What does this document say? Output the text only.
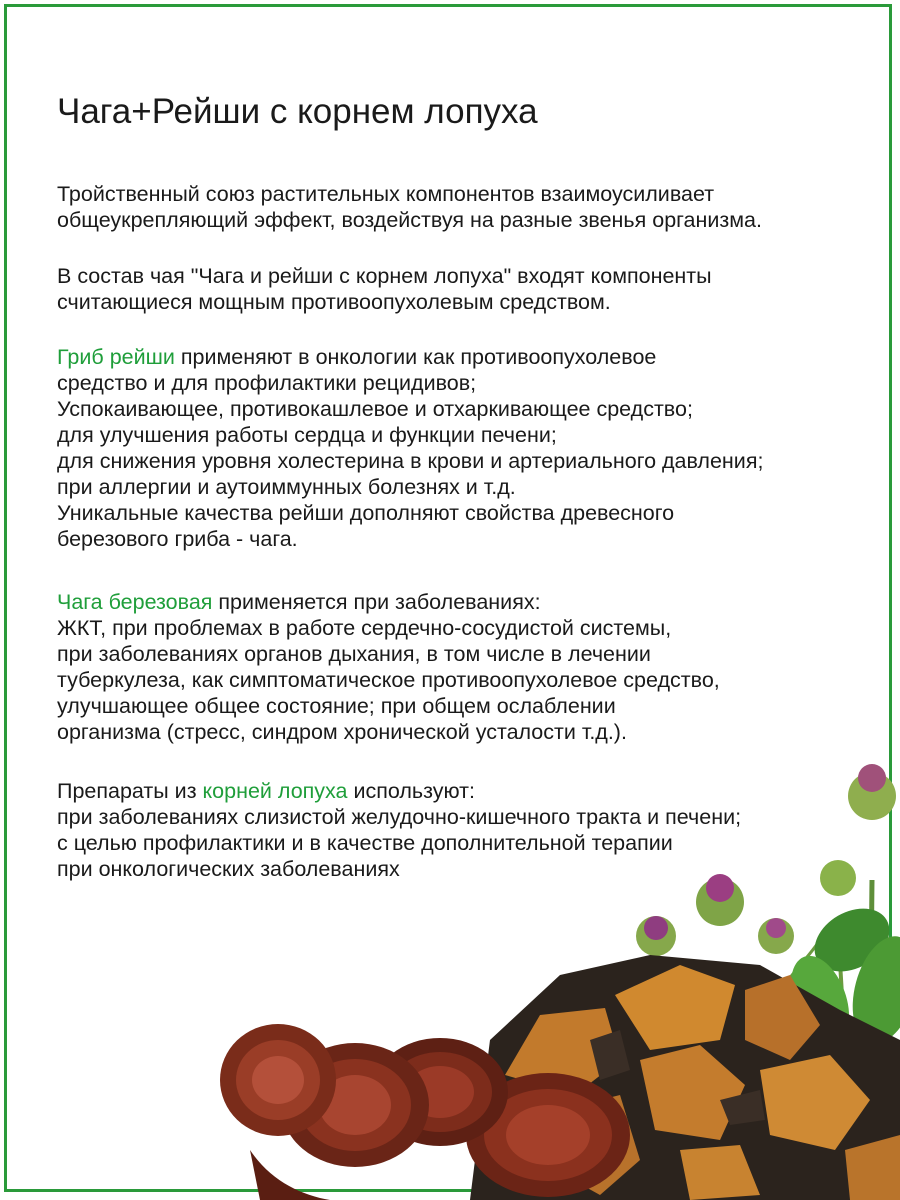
Чага+Рейши с корнем лопуха

Тройственный союз растительных компонентов взаимоусиливает
общеукрепляющий эффект, воздействуя на разные звенья организма.

В состав чая "Чага и рейши с корнем лопуха" входят компоненты
считающиеся мощным противоопухолевым средством.

Гриб рейши применяют в онкологии как противоопухолевое
средство и для профилактики рецидивов;
Успокаивающее, противокашлевое и отхаркивающее средство;
для улучшения работы сердца и функции печени;
для снижения уровня холестерина в крови и артериального давления;
при аллергии и аутоиммунных болезнях и т.д.
Уникальные качества рейши дополняют свойства древесного
березового гриба - чага.

Чага березовая применяется при заболеваниях:
ЖКТ, при проблемах в работе сердечно-сосудистой системы,
при заболеваниях органов дыхания, в том числе в лечении
туберкулеза, как симптоматическое противоопухолевое средство,
улучшающее общее состояние; при общем ослаблении
организма (стресс, синдром хронической усталости т.д.).

Препараты из корней лопуха используют:
при заболеваниях слизистой желудочно-кишечного тракта и печени;
с целью профилактики и в качестве дополнительной терапии
при онкологических заболеваниях
